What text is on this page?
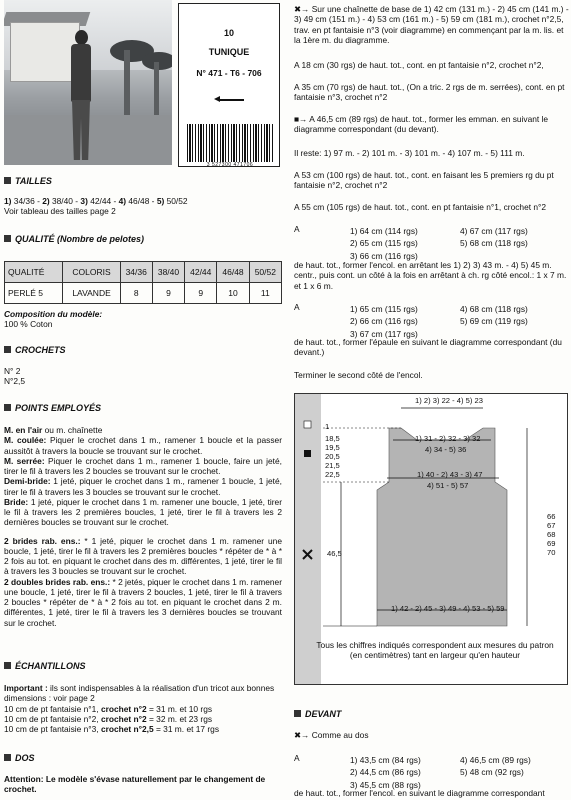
10
TUNIQUE
N° 471 - T6 - 706
3 527300 471706
TAILLES

1) 34/36 - 2) 38/40 - 3) 42/44 - 4) 46/48 - 5) 50/52

Voir tableau des tailles page 2

QUALITÉ (Nombre de pelotes)
QUALITÉ	COLORIS	34/36	38/40	42/44	46/48	50/52
PERLÉ 5	LAVANDE	8	9	9	10	11

Composition du modèle:

100 % Coton

CROCHETS

N° 2

N°2,5

POINTS EMPLOYÉS

M. en l'air ou m. chaînette

M. coulée: Piquer le crochet dans 1 m., ramener 1 boucle et la passer aussitôt à travers la boucle se trouvant sur le crochet.

M. serrée: Piquer le crochet dans 1 m., ramener 1 boucle, faire un jeté, tirer le fil à travers les 2 boucles se trouvant sur le crochet.

Demi-bride: 1 jeté, piquer le crochet dans 1 m., ramener 1 boucle, 1 jeté, tirer le fil à travers les 3 boucles se trouvant sur le crochet.

Bride: 1 jeté, piquer le crochet dans 1 m. ramener une boucle, 1 jeté, tirer le fil à travers les 2 premières boucles, 1 jeté, tirer le fil à travers les 2 dernières boucles se trouvant sur le crochet.

2 brides rab. ens.: * 1 jeté, piquer le crochet dans 1 m. ramener une boucle, 1 jeté, tirer le fil à travers les 2 premières boucles * répéter de * à * 2 fois au tot. en piquant le crochet dans des m. différentes, 1 jeté, tirer le fil à travers les 3 boucles se trouvant sur le crochet.

2 doubles brides rab. ens.: * 2 jetés, piquer le crochet dans 1 m. ramener une boucle, 1 jeté, tirer le fil à travers 2 boucles, 1 jeté, tirer le fil à travers 2 boucles * répéter de * à * 2 fois au tot. en piquant le crochet dans 2 m. différentes, 1 jeté, tirer le fil à travers les 3 dernières boucles se trouvant sur le crochet.

ÉCHANTILLONS

Important : ils sont indispensables à la réalisation d'un tricot aux bonnes dimensions : voir page 2

10 cm de pt fantaisie n°1, crochet n°2 = 31 m. et 10 rgs

10 cm de pt fantaisie n°2, crochet n°2 = 32 m. et 23 rgs

10 cm de pt fantaisie n°3, crochet n°2,5 = 31 m. et 17 rgs

DOS
Attention: Le modèle s'évase naturellement par le changement de crochet.
✖→ Sur une chaînette de base de 1) 42 cm (131 m.) - 2) 45 cm (141 m.) - 3) 49 cm (151 m.) - 4) 53 cm (161 m.) - 5) 59 cm (181 m.), crochet n°2,5, trav. en pt fantaisie n°3 (voir diagramme) en commençant par la m. lis. et la 1ère m. du diagramme.
A 18 cm (30 rgs) de haut. tot., cont. en pt fantaisie n°2, crochet n°2,
A 35 cm (70 rgs) de haut. tot., (On a tric. 2 rgs de m. serrées), cont. en pt fantaisie n°3, crochet n°2
■→ A 46,5 cm (89 rgs) de haut. tot., former les emman. en suivant le diagramme correspondant (du devant).
Il reste: 1) 97 m. - 2) 101 m. - 3) 101 m. - 4) 107 m. - 5) 111 m.
A 53 cm (100 rgs) de haut. tot., cont. en faisant les 5 premiers rg du pt fantaisie n°2, crochet n°2
A 55 cm (105 rgs) de haut. tot., cont. en pt fantaisie n°1, crochet n°2
A	1) 64 cm (114 rgs)	4) 67 cm (117 rgs)
2) 65 cm (115 rgs)	5) 68 cm (118 rgs)
3) 66 cm (116 rgs)	
de haut. tot., former l'encol. en arrêtant les 1) 2) 3) 43 m. - 4) 5) 45 m. centr., puis cont. un côté à la fois en arrêtant à ch. rg côté encol.: 1 x 7 m. et 1 x 6 m.
A	1) 65 cm (115 rgs)	4) 68 cm (118 rgs)
2) 66 cm (116 rgs)	5) 69 cm (119 rgs)
3) 67 cm (117 rgs)	
de haut. tot., former l'épaule en suivant le diagramme correspondant (du devant.)
Terminer le second côté de l'encol.
1) 2) 3) 22 - 4) 5) 23
1
1) 31 - 2) 32 - 3) 32
4) 34 - 5) 36
1) 40 - 2) 43 - 3) 47
4) 51 - 5) 57
18,5
19,5
20,5
21,5
22,5
46,5
66
67
68
69
70
1) 42 - 2) 45 - 3) 49 - 4) 53 - 5) 59
Tous les chiffres indiqués correspondent aux mesures du patron (en centimètres) tant en largeur qu'en hauteur
DEVANT
✖→ Comme au dos
A	1) 43,5 cm (84 rgs)	4) 46,5 cm (89 rgs)
2) 44,5 cm (86 rgs)	5) 48 cm (92 rgs)
3) 45,5 cm (88 rgs)	
de haut. tot., former l'encol. en suivant le diagramme correspondant
